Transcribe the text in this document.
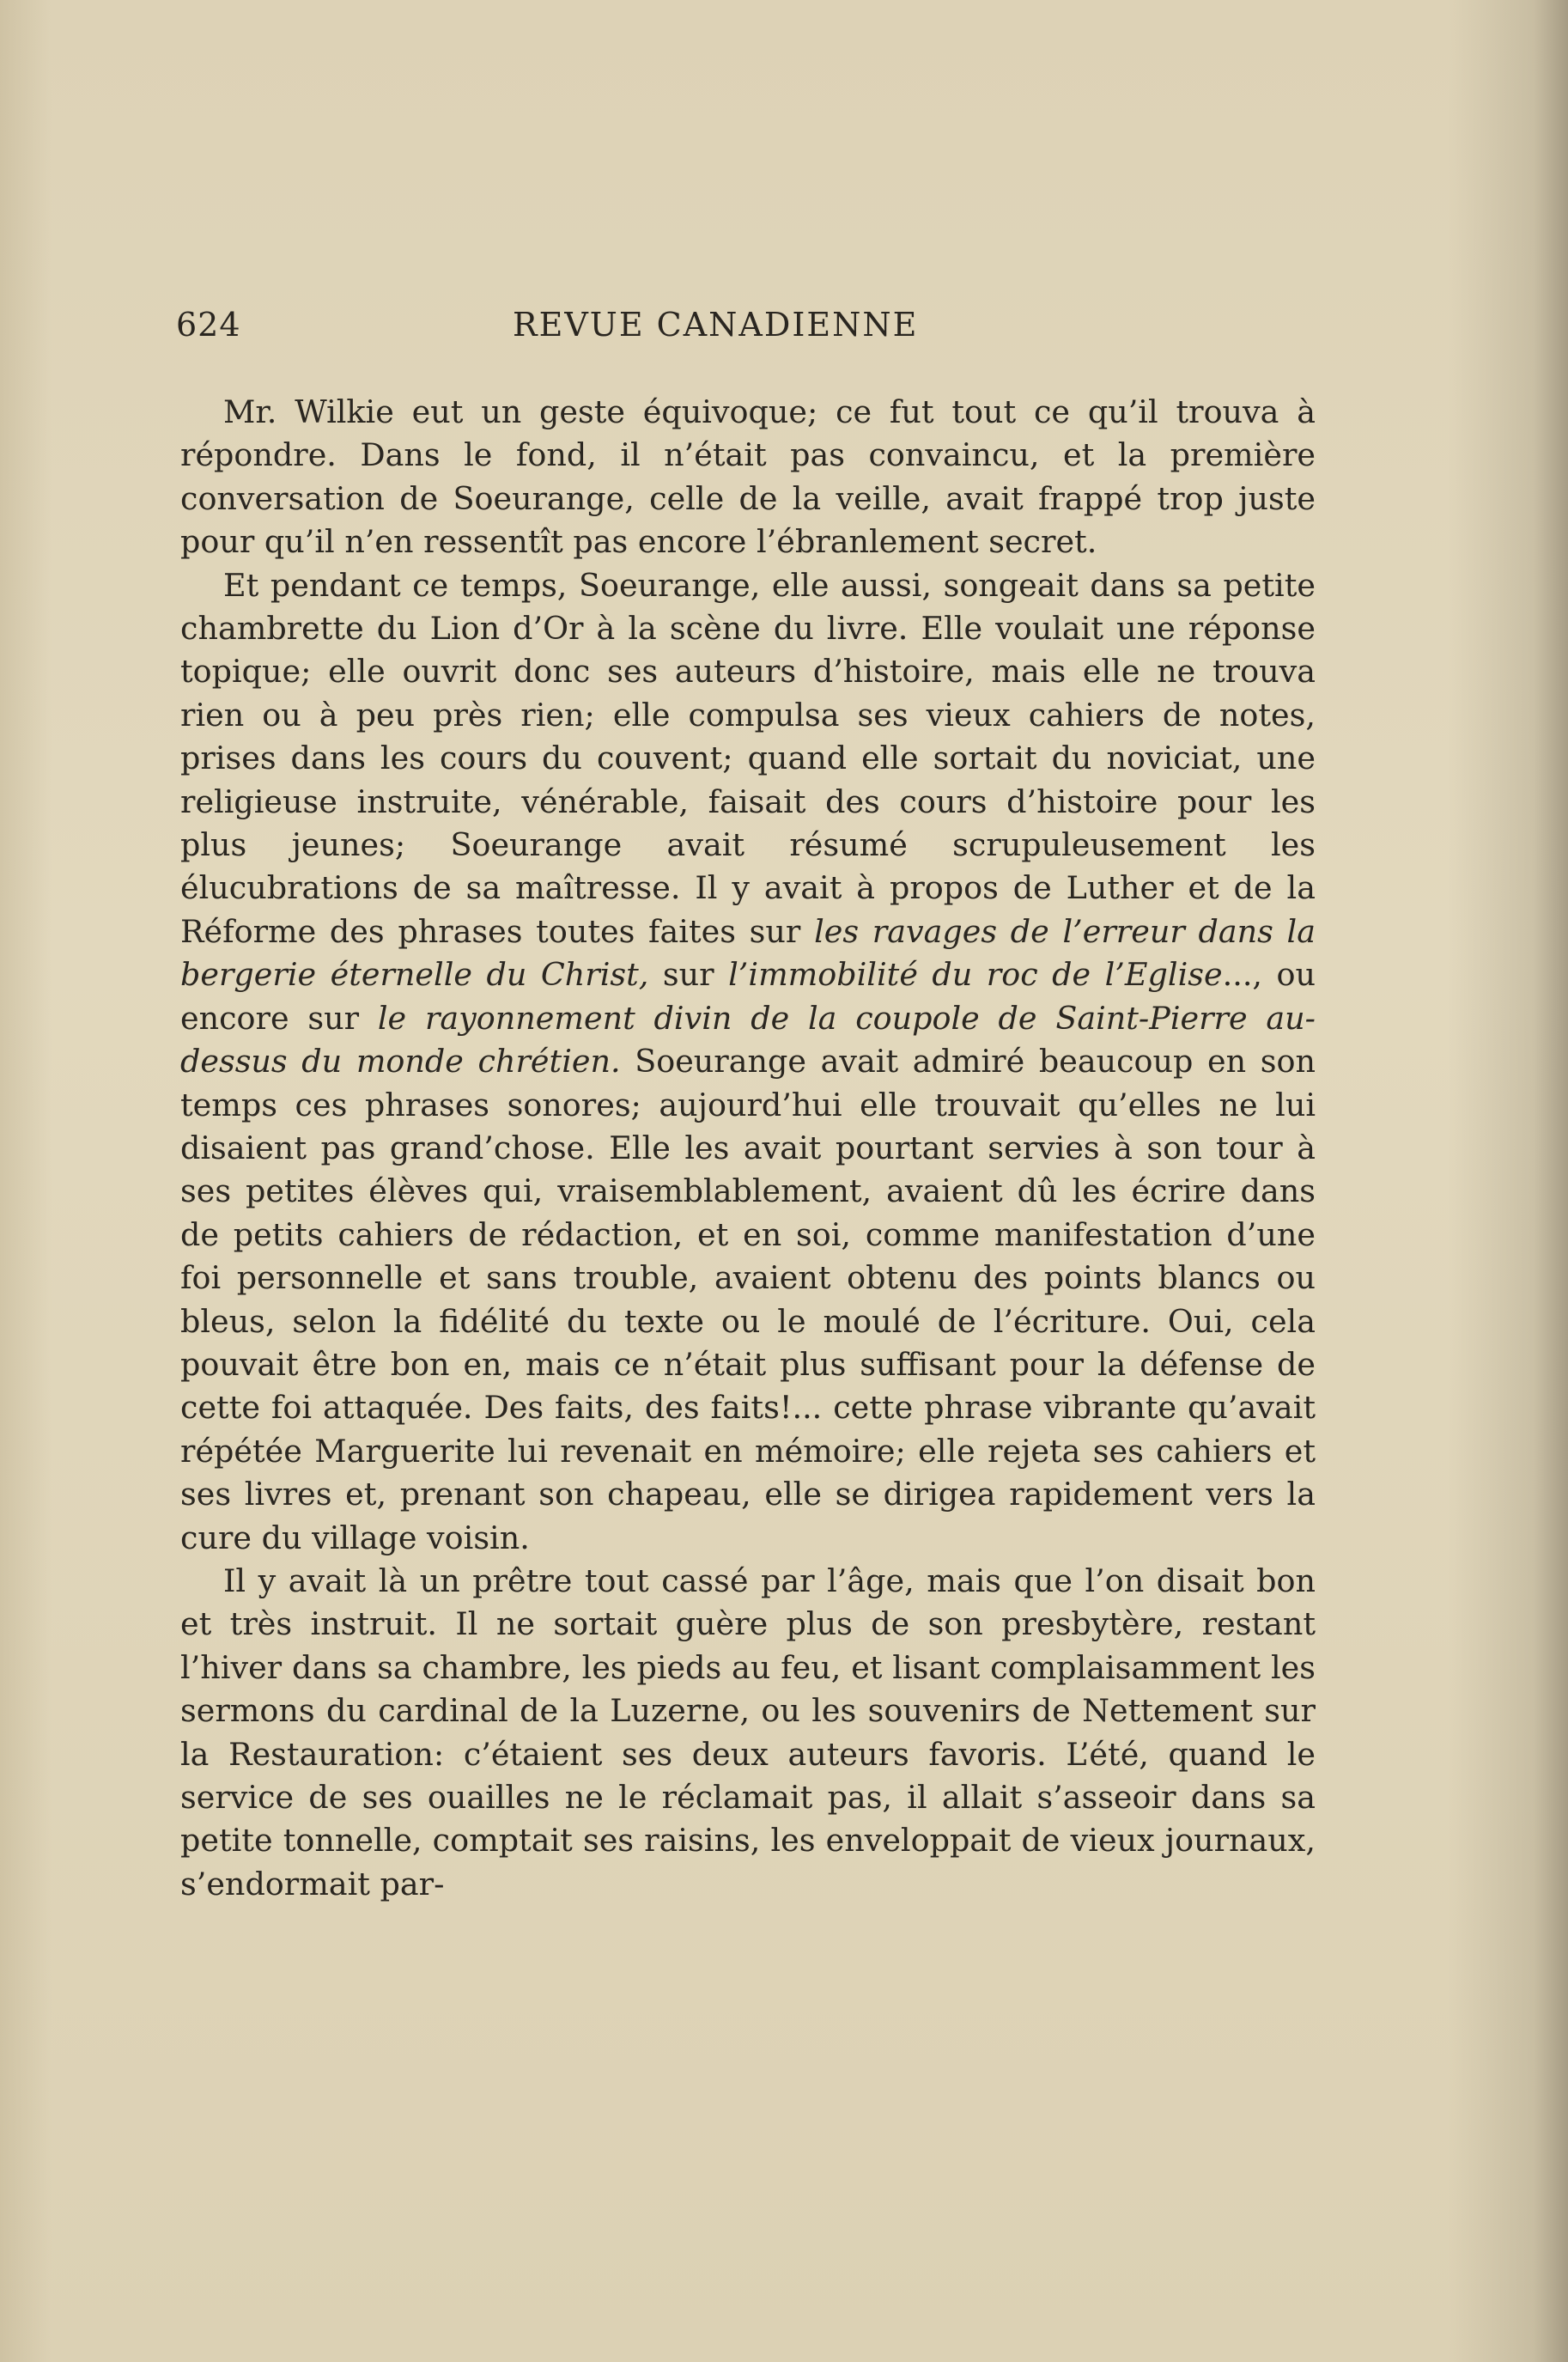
624	REVUE CANADIENNE

Mr. Wilkie eut un geste équivoque; ce fut tout ce qu’il trouva à répondre. Dans le fond, il n’était pas convaincu, et la première conversation de Soeurange, celle de la veille, avait frappé trop juste pour qu’il n’en ressentît pas encore l’ébranlement secret.

Et pendant ce temps, Soeurange, elle aussi, songeait dans sa petite chambrette du Lion d’Or à la scène du livre. Elle voulait une réponse topique; elle ouvrit donc ses auteurs d’histoire, mais elle ne trouva rien ou à peu près rien; elle compulsa ses vieux cahiers de notes, prises dans les cours du couvent; quand elle sortait du noviciat, une religieuse instruite, vénérable, faisait des cours d’histoire pour les plus jeunes; Soeurange avait résumé scrupuleusement les élucubrations de sa maîtresse. Il y avait à propos de Luther et de la Réforme des phrases toutes faites sur les ravages de l’erreur dans la bergerie éternelle du Christ, sur l’immobilité du roc de l’Eglise..., ou encore sur le rayonnement divin de la coupole de Saint-Pierre au-dessus du monde chrétien. Soeurange avait admiré beaucoup en son temps ces phrases sonores; aujourd’hui elle trouvait qu’elles ne lui disaient pas grand’chose. Elle les avait pourtant servies à son tour à ses petites élèves qui, vraisemblablement, avaient dû les écrire dans de petits cahiers de rédaction, et en soi, comme manifestation d’une foi personnelle et sans trouble, avaient obtenu des points blancs ou bleus, selon la fidélité du texte ou le moulé de l’écriture. Oui, cela pouvait être bon en, mais ce n’était plus suffisant pour la défense de cette foi attaquée. Des faits, des faits!... cette phrase vibrante qu’avait répétée Marguerite lui revenait en mémoire; elle rejeta ses cahiers et ses livres et, prenant son chapeau, elle se dirigea rapidement vers la cure du village voisin.

Il y avait là un prêtre tout cassé par l’âge, mais que l’on disait bon et très instruit. Il ne sortait guère plus de son presbytère, restant l’hiver dans sa chambre, les pieds au feu, et lisant complaisamment les sermons du cardinal de la Luzerne, ou les souvenirs de Nettement sur la Restauration: c’étaient ses deux auteurs favoris. L’été, quand le service de ses ouailles ne le réclamait pas, il allait s’asseoir dans sa petite tonnelle, comptait ses raisins, les enveloppait de vieux journaux, s’endormait par-
